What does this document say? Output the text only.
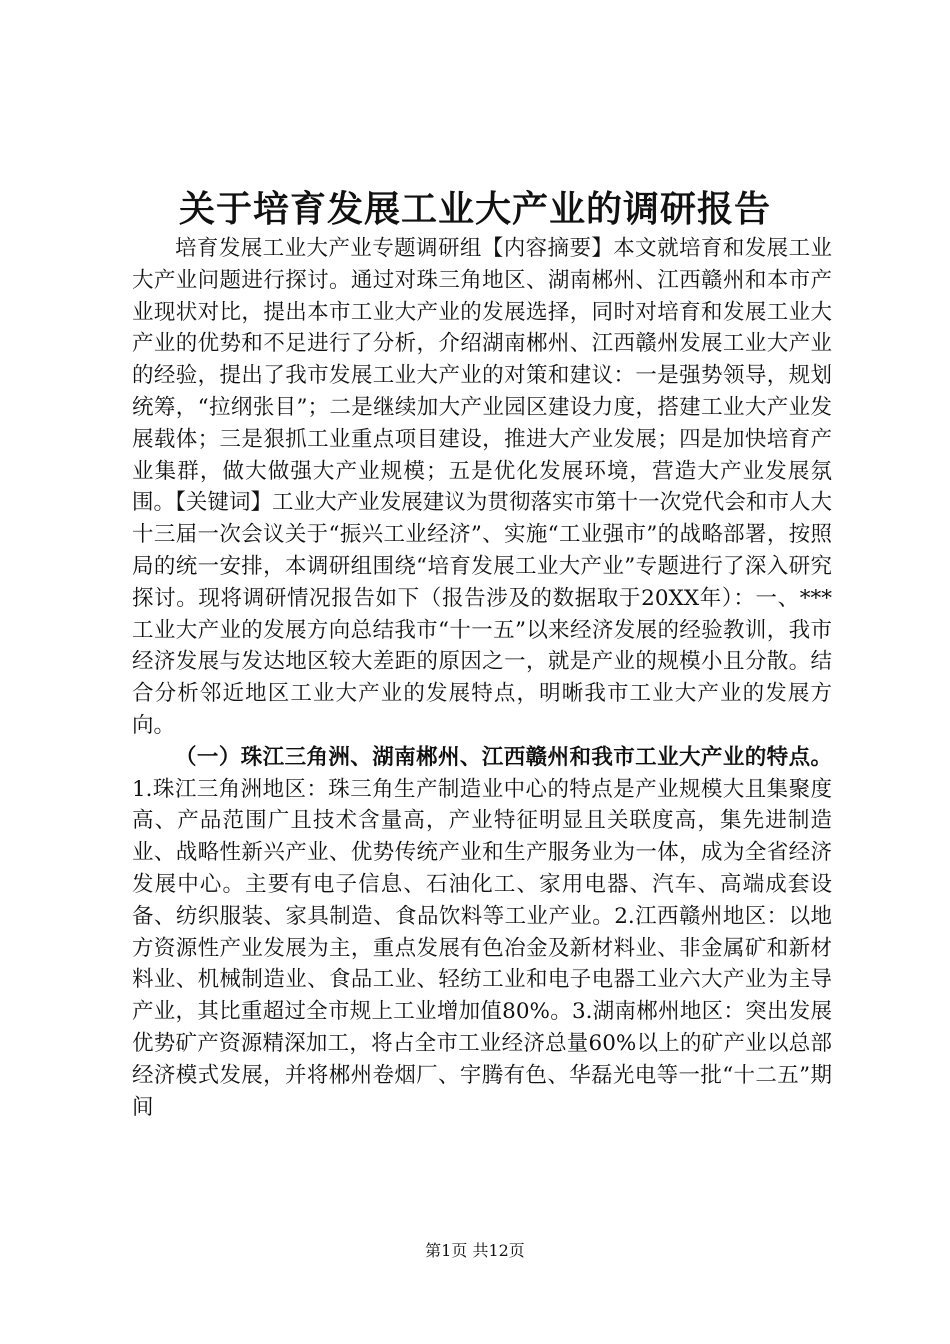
关于培育发展工业大产业的调研报告

培育发展工业大产业专题调研组【内容摘要】本文就培育和发展工业大产业问题进行探讨。通过对珠三角地区、湖南郴州、江西赣州和本市产业现状对比，提出本市工业大产业的发展选择，同时对培育和发展工业大产业的优势和不足进行了分析，介绍湖南郴州、江西赣州发展工业大产业的经验，提出了我市发展工业大产业的对策和建议：一是强势领导，规划统筹，“拉纲张目”；二是继续加大产业园区建设力度，搭建工业大产业发展载体；三是狠抓工业重点项目建设，推进大产业发展；四是加快培育产业集群，做大做强大产业规模；五是优化发展环境，营造大产业发展氛围。【关键词】工业大产业发展建议为贯彻落实市第十一次党代会和市人大十三届一次会议关于“振兴工业经济”、实施“工业强市”的战略部署，按照局的统一安排，本调研组围绕“培育发展工业大产业”专题进行了深入研究探讨。现将调研情况报告如下（报告涉及的数据取于20XX年）：一、***工业大产业的发展方向总结我市“十一五”以来经济发展的经验教训，我市经济发展与发达地区较大差距的原因之一，就是产业的规模小且分散。结合分析邻近地区工业大产业的发展特点，明晰我市工业大产业的发展方向。

（一）珠江三角洲、湖南郴州、江西赣州和我市工业大产业的特点。1.珠江三角洲地区：珠三角生产制造业中心的特点是产业规模大且集聚度高、产品范围广且技术含量高，产业特征明显且关联度高，集先进制造业、战略性新兴产业、优势传统产业和生产服务业为一体，成为全省经济发展中心。主要有电子信息、石油化工、家用电器、汽车、高端成套设备、纺织服装、家具制造、食品饮料等工业产业。2.江西赣州地区：以地方资源性产业发展为主，重点发展有色冶金及新材料业、非金属矿和新材料业、机械制造业、食品工业、轻纺工业和电子电器工业六大产业为主导产业，其比重超过全市规上工业增加值80%。3.湖南郴州地区：突出发展优势矿产资源精深加工，将占全市工业经济总量60%以上的矿产业以总部经济模式发展，并将郴州卷烟厂、宇腾有色、华磊光电等一批“十二五”期间

第1页 共12页
